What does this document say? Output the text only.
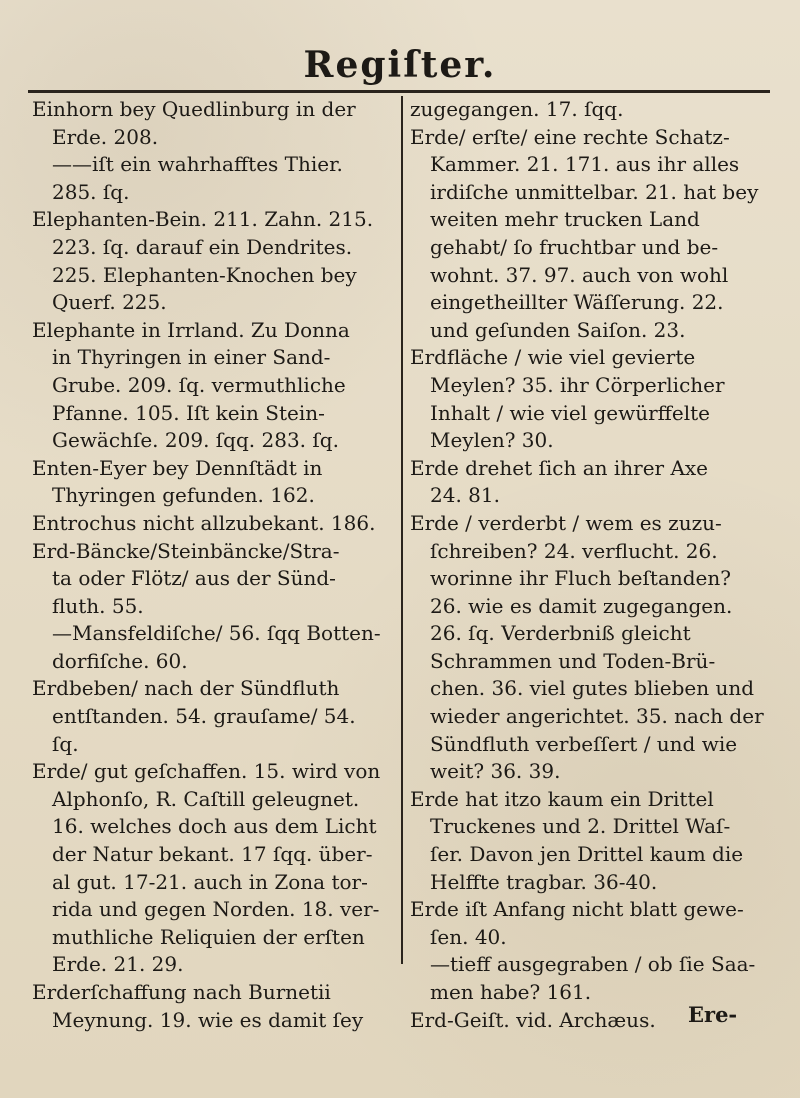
Regiſter.
Einhorn bey Quedlinburg in der
Erde. 208.
——iſt ein wahrhafftes Thier.
285. ſq.
Elephanten-Bein. 211. Zahn. 215.
223. ſq. darauf ein Dendrites.
225. Elephanten-Knochen bey
Querf. 225.
Elephante in Irrland. Zu Donna
in Thyringen in einer Sand-
Grube. 209. ſq. vermuthliche
Pfanne. 105. Iſt kein Stein-
Gewächſe. 209. ſqq. 283. ſq.
Enten-Eyer bey Dennſtädt in
Thyringen gefunden. 162.
Entrochus nicht allzubekant. 186.
Erd-Bäncke/Steinbäncke/Stra-
ta oder Flötz/ aus der Sünd-
fluth. 55.
—Mansfeldiſche/ 56. ſqq Botten-
dorfiſche. 60.
Erdbeben/ nach der Sündfluth
entſtanden. 54. grauſame/ 54.
ſq.
Erde/ gut geſchaffen. 15. wird von
Alphonſo, R. Caſtill geleugnet.
16. welches doch aus dem Licht
der Natur bekant. 17 ſqq. über-
al gut. 17-21. auch in Zona tor-
rida und gegen Norden. 18. ver-
muthliche Reliquien der erſten
Erde. 21. 29.
Erderſchaffung nach Burnetii
Meynung. 19. wie es damit ſey
zugegangen. 17. ſqq.
Erde/ erſte/ eine rechte Schatz-
Kammer. 21. 171. aus ihr alles
irdiſche unmittelbar. 21. hat bey
weiten mehr trucken Land
gehabt/ ſo fruchtbar und be-
wohnt. 37. 97. auch von wohl
eingetheillter Wäſſerung. 22.
und geſunden Saiſon. 23.
Erdfläche / wie viel gevierte
Meylen? 35. ihr Cörperlicher
Inhalt / wie viel gewürffelte
Meylen? 30.
Erde drehet ſich an ihrer Axe
24. 81.
Erde / verderbt / wem es zuzu-
ſchreiben? 24. verflucht. 26.
worinne ihr Fluch beſtanden?
26. wie es damit zugegangen.
26. ſq. Verderbniß gleicht
Schrammen und Toden-Brü-
chen. 36. viel gutes blieben und
wieder angerichtet. 35. nach der
Sündfluth verbeſſert / und wie
weit? 36. 39.
Erde hat itzo kaum ein Drittel
Truckenes und 2. Drittel Waſ-
ſer. Davon jen Drittel kaum die
Helffte tragbar. 36-40.
Erde iſt Anfang nicht blatt gewe-
ſen. 40.
—tieff ausgegraben / ob ſie Saa-
men habe? 161.
Erd-Geiſt. vid. Archæus.	Ere-
